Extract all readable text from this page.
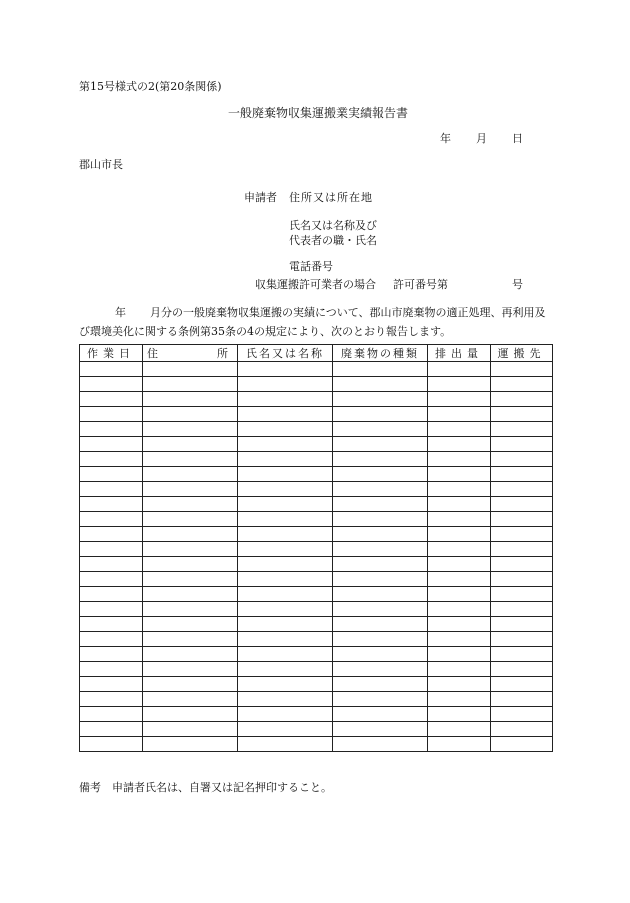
第15号様式の2(第20条関係)
一般廃棄物収集運搬業実績報告書
年 月 日
郡山市長
申請者 住所又は所在地
氏名又は名称及び
代表者の職・氏名
電話番号
収集運搬許可業者の場合 許可番号第	号
年 月分の一般廃棄物収集運搬の実績について、郡山市廃棄物の適正処理、再利用及び環境美化に関する条例第35条の4の規定により、次のとおり報告します。
作業日	住 所	氏名又は名称	廃棄物の種類	排出量	運搬先

備考　申請者氏名は、自署又は記名押印すること。
